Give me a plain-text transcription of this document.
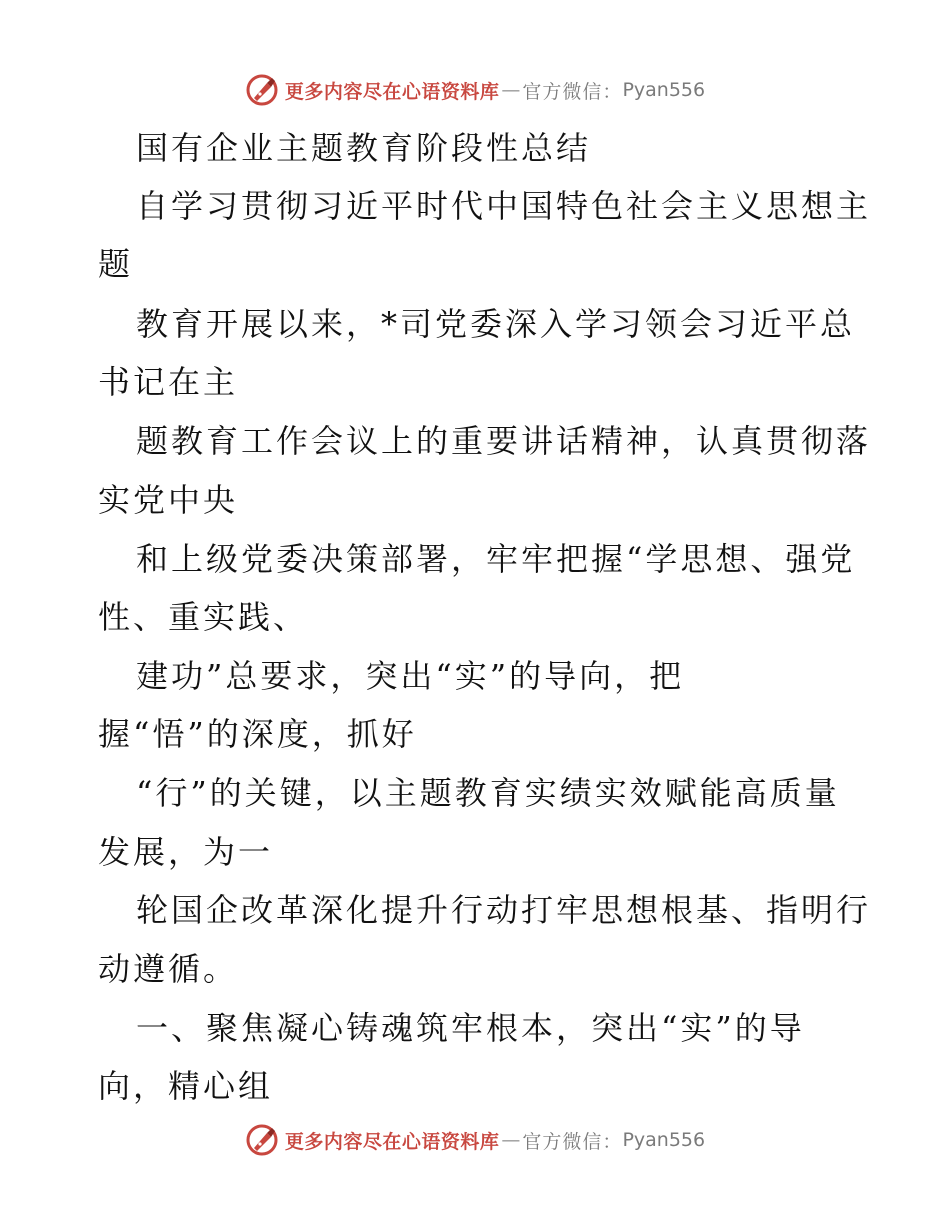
更多内容尽在心语资料库 — 官方微信： Pyan556
国有企业主题教育阶段性总结
自学习贯彻习近平时代中国特色社会主义思想主
题
教育开展以来，*司党委深入学习领会习近平总
书记在主
题教育工作会议上的重要讲话精神，认真贯彻落
实党中央
和上级党委决策部署，牢牢把握“学思想、强党
性、重实践、
建功”总要求，突出“实”的导向，把
握“悟”的深度，抓好
“行”的关键，以主题教育实绩实效赋能高质量
发展，为一
轮国企改革深化提升行动打牢思想根基、指明行
动遵循。
一、聚焦凝心铸魂筑牢根本，突出“实”的导
向，精心组
更多内容尽在心语资料库 — 官方微信： Pyan556
